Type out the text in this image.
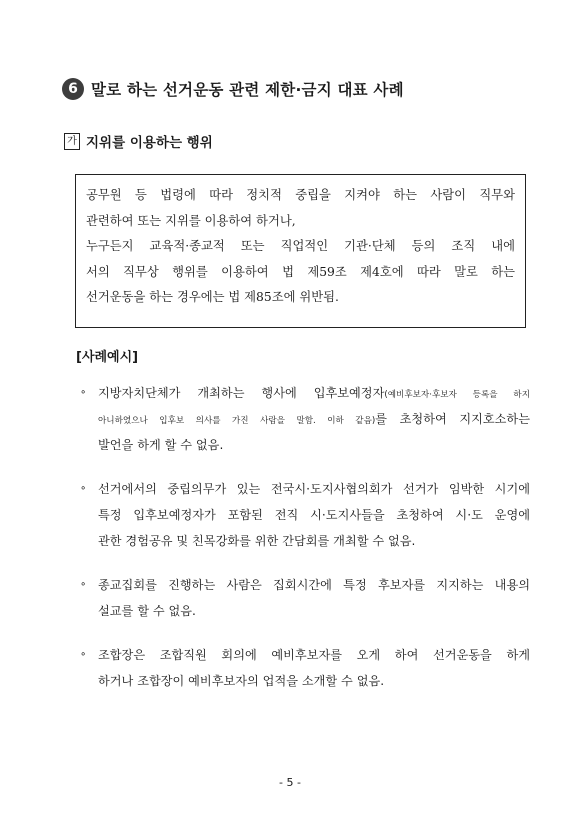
6 말로 하는 선거운동 관련 제한·금지 대표 사례
가 지위를 이용하는 행위
공무원 등 법령에 따라 정치적 중립을 지켜야 하는 사람이 직무와
관련하여 또는 지위를 이용하여 하거나,
누구든지 교육적·종교적 또는 직업적인 기관·단체 등의 조직 내에
서의 직무상 행위를 이용하여 법 제59조 제4호에 따라 말로 하는
선거운동을 하는 경우에는 법 제85조에 위반됨.
[사례예시]
∘ 지방자치단체가 개최하는 행사에 입후보예정자(예비후보자·후보자 등록을 하지
아니하였으나 입후보 의사를 가진 사람을 말함. 이하 같음)를 초청하여 지지호소하는
발언을 하게 할 수 없음.
∘ 선거에서의 중립의무가 있는 전국시·도지사협의회가 선거가 임박한 시기에
특정 입후보예정자가 포함된 전직 시·도지사들을 초청하여 시·도 운영에
관한 경험공유 및 친목강화를 위한 간담회를 개최할 수 없음.
∘ 종교집회를 진행하는 사람은 집회시간에 특정 후보자를 지지하는 내용의
설교를 할 수 없음.
∘ 조합장은 조합직원 회의에 예비후보자를 오게 하여 선거운동을 하게
하거나 조합장이 예비후보자의 업적을 소개할 수 없음.
- 5 -
